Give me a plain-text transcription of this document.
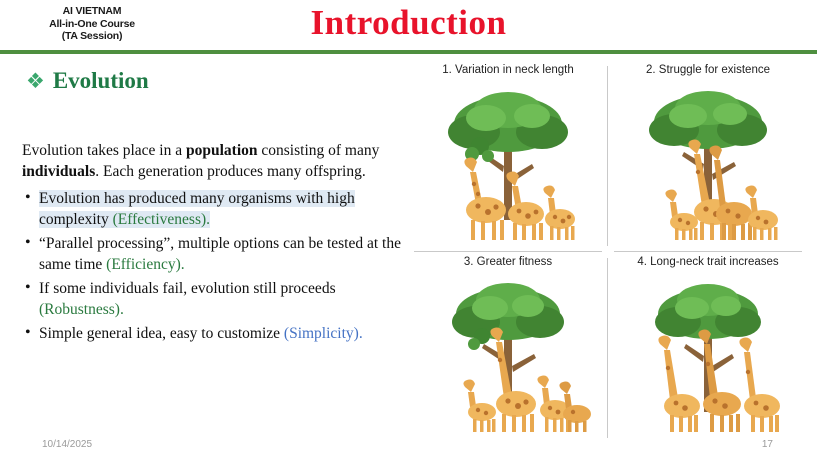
AI VIETNAM
All-in-One Course
(TA Session)	Introduction
❖ Evolution

Evolution takes place in a population consisting of many individuals. Each generation produces many offspring.

• Evolution has produced many organisms with high complexity (Effectiveness).
• “Parallel processing”, multiple options can be tested at the same time (Efficiency).
• If some individuals fail, evolution still proceeds (Robustness).
• Simple general idea, easy to customize (Simplicity).
1. Variation in neck length	2. Struggle for existence
3. Greater fitness	4. Long-neck trait increases
10/14/2025	17
